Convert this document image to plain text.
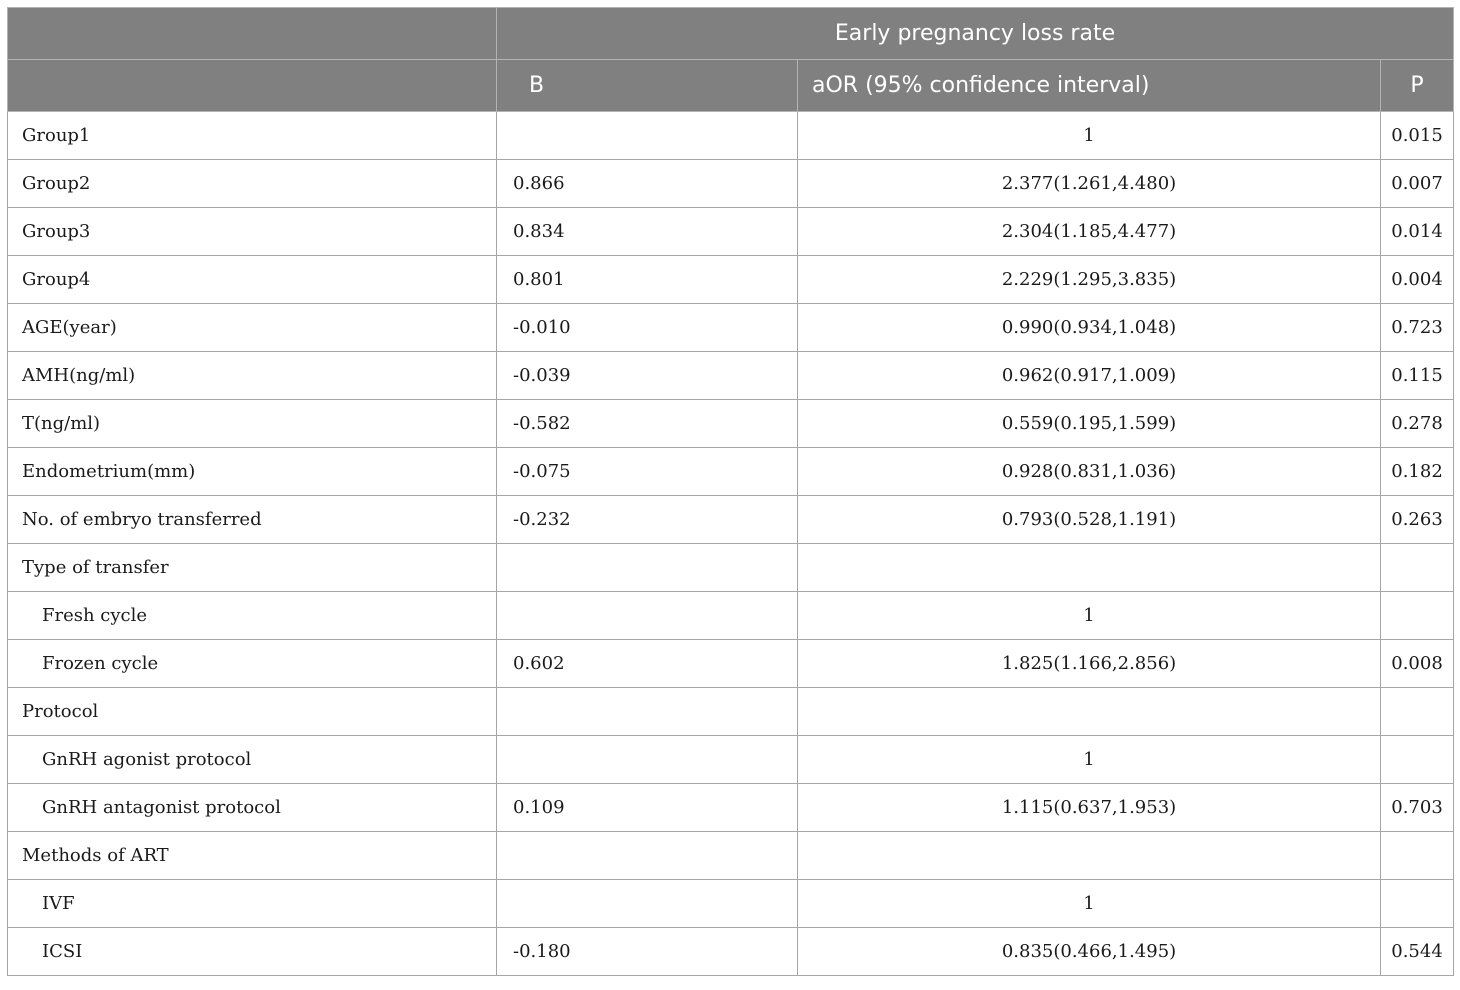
	Early pregnancy loss rate		
	B	aOR (95% confidence interval)	P
Group1		1	0.015
Group2	0.866	2.377(1.261,4.480)	0.007
Group3	0.834	2.304(1.185,4.477)	0.014
Group4	0.801	2.229(1.295,3.835)	0.004
AGE(year)	-0.010	0.990(0.934,1.048)	0.723
AMH(ng/ml)	-0.039	0.962(0.917,1.009)	0.115
T(ng/ml)	-0.582	0.559(0.195,1.599)	0.278
Endometrium(mm)	-0.075	0.928(0.831,1.036)	0.182
No. of embryo transferred	-0.232	0.793(0.528,1.191)	0.263
Type of transfer			
Fresh cycle		1	
Frozen cycle	0.602	1.825(1.166,2.856)	0.008
Protocol			
GnRH agonist protocol		1	
GnRH antagonist protocol	0.109	1.115(0.637,1.953)	0.703
Methods of ART			
IVF		1	
ICSI	-0.180	0.835(0.466,1.495)	0.544
